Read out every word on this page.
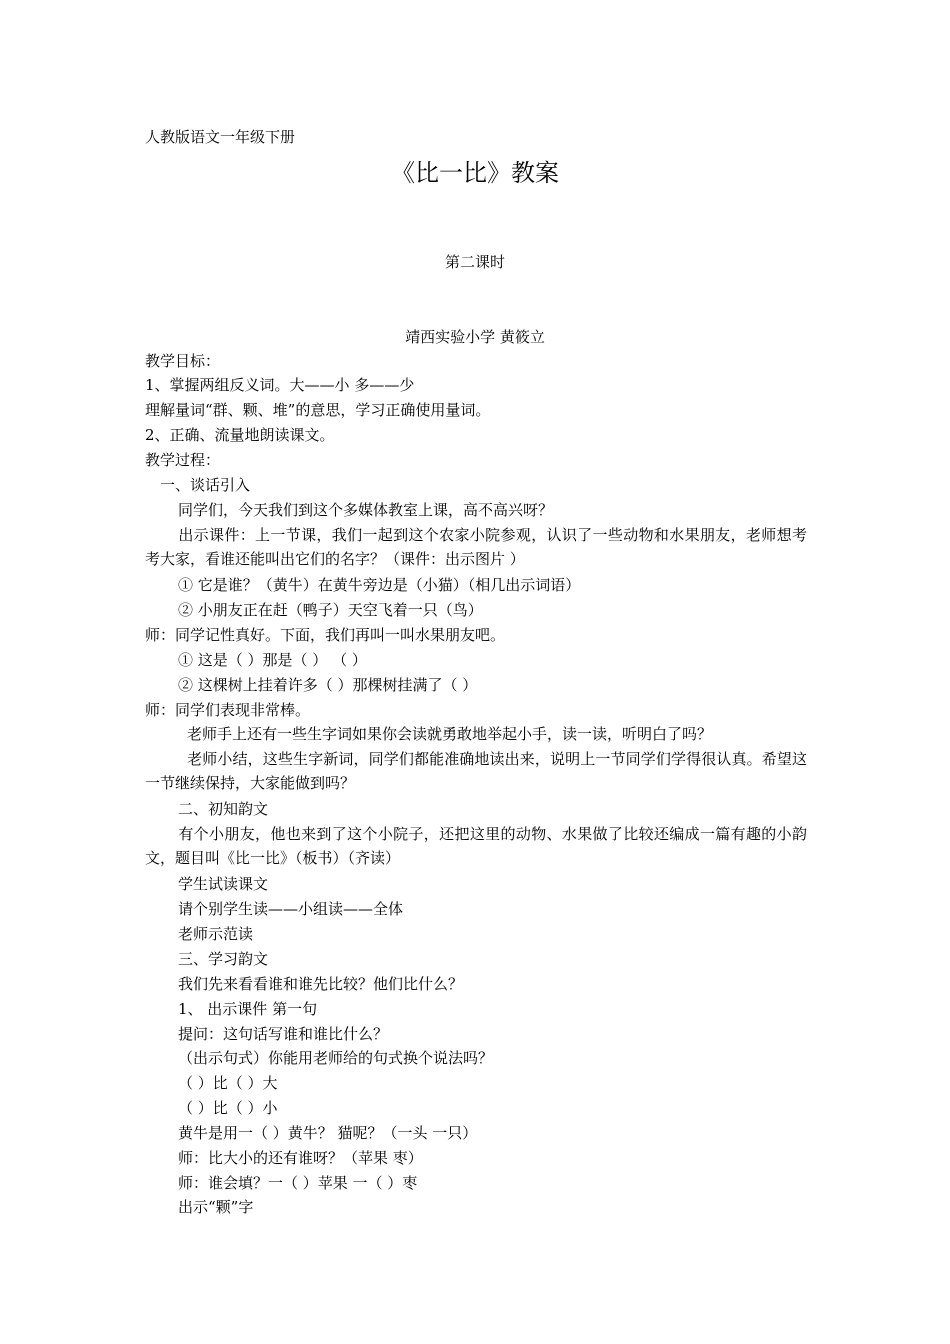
人教版语文一年级下册
《比一比》教案
第二课时
靖西实验小学 黄筱立
教学目标：
1、掌握两组反义词。大——小 多——少
理解量词“群、颗、堆”的意思，学习正确使用量词。
2、正确、流量地朗读课文。
教学过程：
一、谈话引入
同学们，今天我们到这个多媒体教室上课，高不高兴呀？
出示课件：上一节课，我们一起到这个农家小院参观，认识了一些动物和水果朋友，老师想考考大家，看谁还能叫出它们的名字？（课件：出示图片 ）
① 它是谁？（黄牛）在黄牛旁边是（小猫）（相几出示词语）
② 小朋友正在赶（鸭子）天空飞着一只（鸟）
师：同学记性真好。下面，我们再叫一叫水果朋友吧。
① 这是（ ）那是（ ） （ ）
② 这棵树上挂着许多（ ）那棵树挂满了（ ）
师：同学们表现非常棒。
老师手上还有一些生字词如果你会读就勇敢地举起小手，读一读，听明白了吗？
老师小结，这些生字新词，同学们都能准确地读出来，说明上一节同学们学得很认真。希望这一节继续保持，大家能做到吗？
二、初知韵文
有个小朋友，他也来到了这个小院子，还把这里的动物、水果做了比较还编成一篇有趣的小韵文，题目叫《比一比》（板书）（齐读）
学生试读课文
请个别学生读——小组读——全体
老师示范读
三、学习韵文
我们先来看看谁和谁先比较？他们比什么？
1、 出示课件 第一句
提问：这句话写谁和谁比什么？
（出示句式）你能用老师给的句式换个说法吗？
（ ）比（ ）大
（ ）比（ ）小
黄牛是用一（ ）黄牛？ 猫呢？（一头 一只）
师：比大小的还有谁呀？（苹果 枣）
师：谁会填？一（ ）苹果 一（ ）枣
出示“颗”字
